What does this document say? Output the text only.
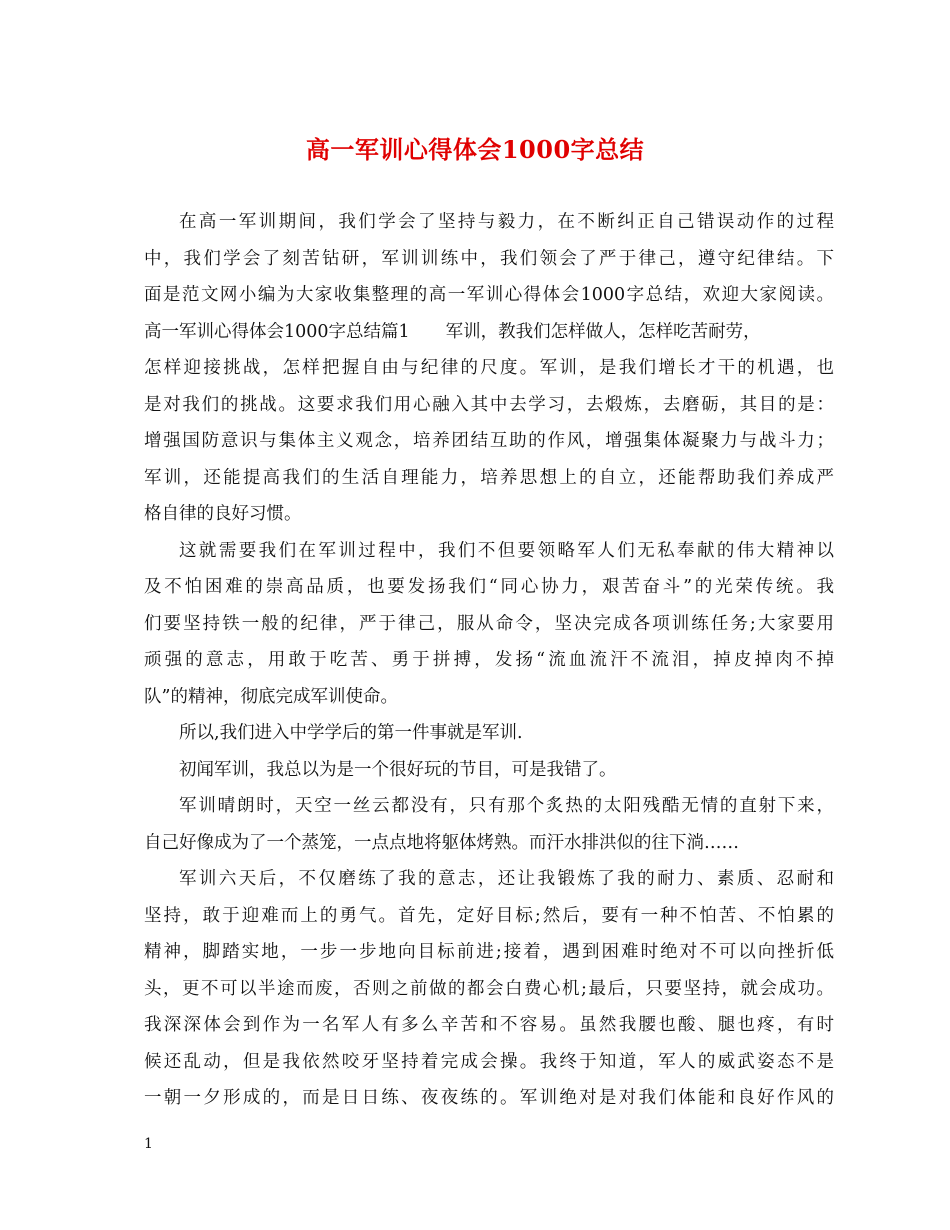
高一军训心得体会1000字总结
在高一军训期间，我们学会了坚持与毅力，在不断纠正自己错误动作的过程
中，我们学会了刻苦钻研，军训训练中，我们领会了严于律己，遵守纪律结。下
面是范文网小编为大家收集整理的高一军训心得体会1000字总结，欢迎大家阅读。
高一军训心得体会1000字总结篇1 军训，教我们怎样做人，怎样吃苦耐劳，
怎样迎接挑战，怎样把握自由与纪律的尺度。军训，是我们增长才干的机遇，也
是对我们的挑战。这要求我们用心融入其中去学习，去煅炼，去磨砺，其目的是：
增强国防意识与集体主义观念，培养团结互助的作风，增强集体凝聚力与战斗力；
军训，还能提高我们的生活自理能力，培养思想上的自立，还能帮助我们养成严
格自律的良好习惯。
这就需要我们在军训过程中，我们不但要领略军人们无私奉献的伟大精神以
及不怕困难的崇高品质，也要发扬我们“同心协力，艰苦奋斗”的光荣传统。我
们要坚持铁一般的纪律，严于律己，服从命令，坚决完成各项训练任务;大家要用
顽强的意志，用敢于吃苦、勇于拼搏，发扬“流血流汗不流泪，掉皮掉肉不掉
队”的精神，彻底完成军训使命。
所以,我们进入中学学后的第一件事就是军训.
初闻军训，我总以为是一个很好玩的节目，可是我错了。
军训晴朗时，天空一丝云都没有，只有那个炙热的太阳残酷无情的直射下来，
自己好像成为了一个蒸笼，一点点地将躯体烤熟。而汗水排洪似的往下淌……
军训六天后，不仅磨练了我的意志，还让我锻炼了我的耐力、素质、忍耐和
坚持，敢于迎难而上的勇气。首先，定好目标;然后，要有一种不怕苦、不怕累的
精神，脚踏实地，一步一步地向目标前进;接着，遇到困难时绝对不可以向挫折低
头，更不可以半途而废，否则之前做的都会白费心机;最后，只要坚持，就会成功。
我深深体会到作为一名军人有多么辛苦和不容易。虽然我腰也酸、腿也疼，有时
候还乱动，但是我依然咬牙坚持着完成会操。我终于知道，军人的威武姿态不是
一朝一夕形成的，而是日日练、夜夜练的。军训绝对是对我们体能和良好作风的
1
